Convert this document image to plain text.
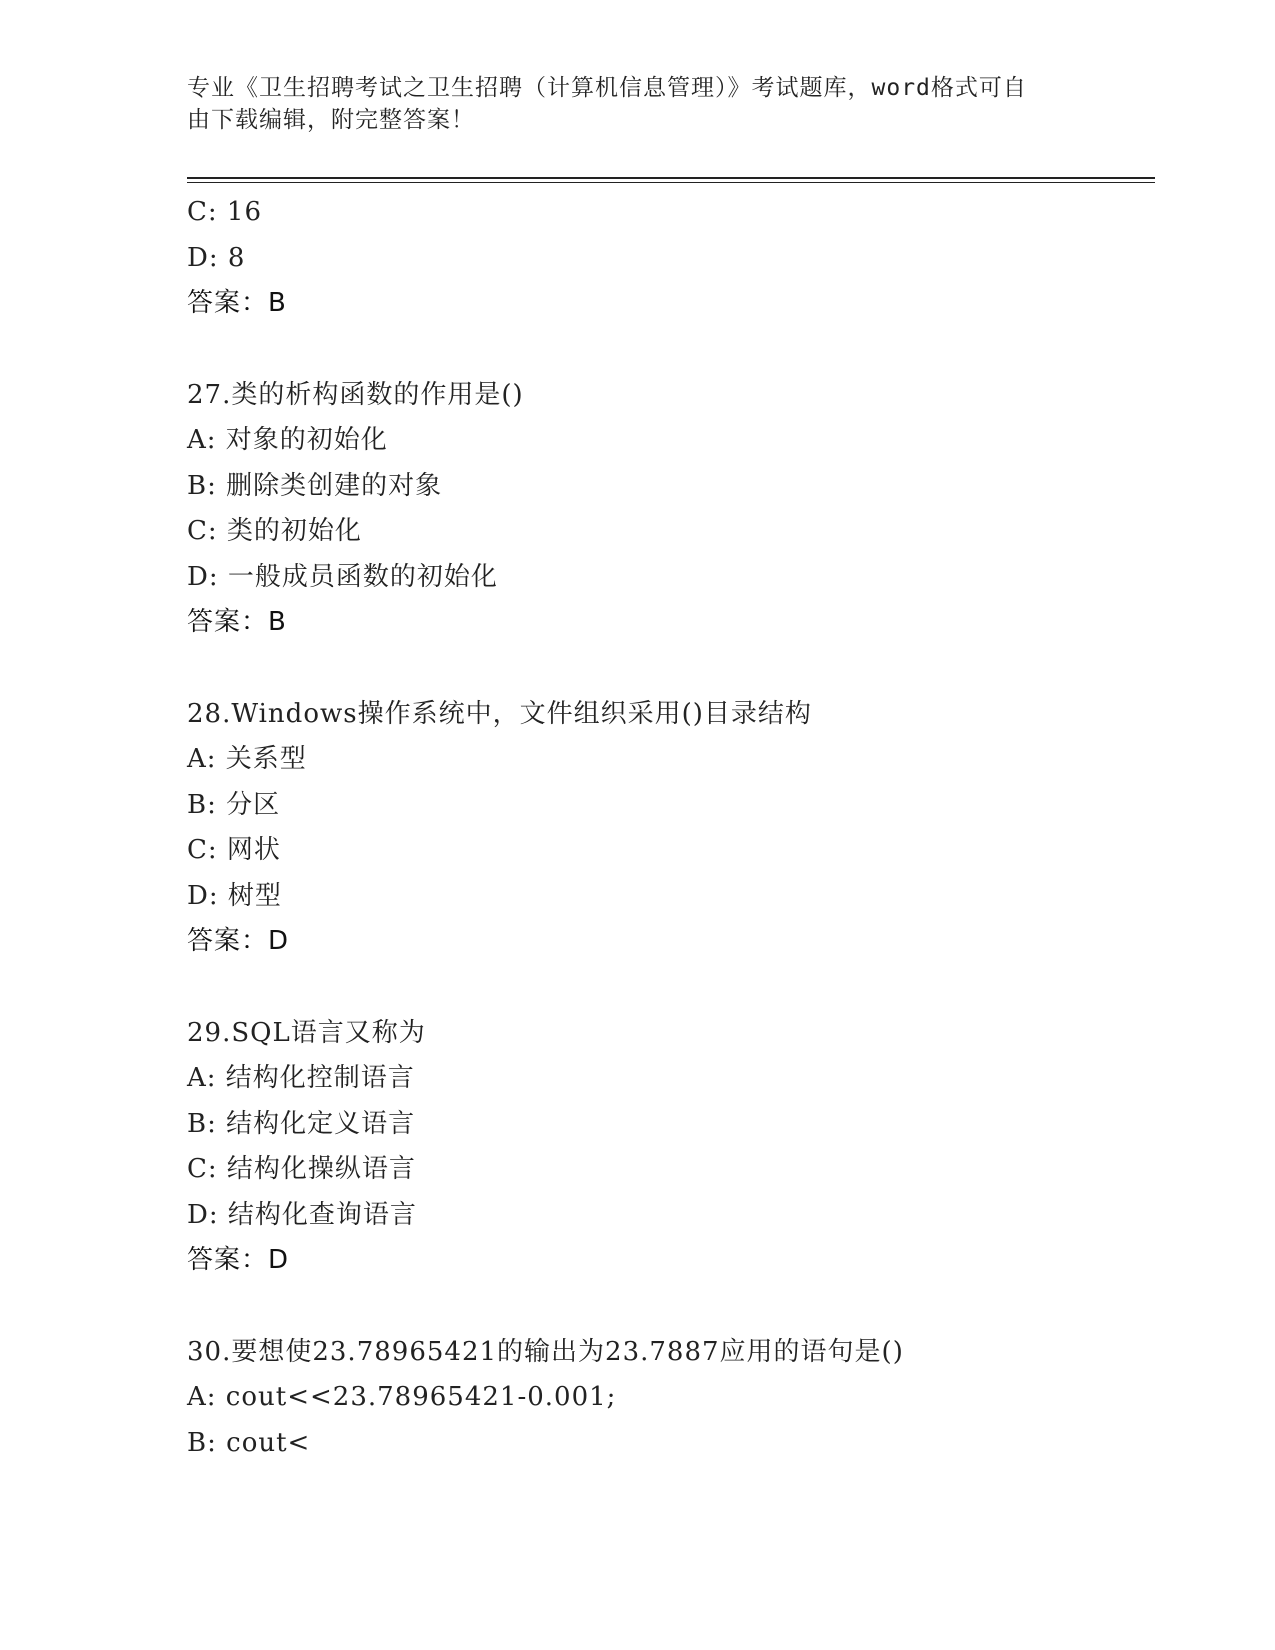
专业《卫生招聘考试之卫生招聘（计算机信息管理）》考试题库，word格式可自
由下载编辑，附完整答案！
C: 16
D: 8
答案：B
27.类的析构函数的作用是()
A: 对象的初始化
B: 删除类创建的对象
C: 类的初始化
D: 一般成员函数的初始化
答案：B
28.Windows操作系统中，文件组织采用()目录结构
A: 关系型
B: 分区
C: 网状
D: 树型
答案：D
29.SQL语言又称为
A: 结构化控制语言
B: 结构化定义语言
C: 结构化操纵语言
D: 结构化查询语言
答案：D
30.要想使23.78965421的输出为23.7887应用的语句是()
A: cout<<23.78965421-0.001;
B: cout<
